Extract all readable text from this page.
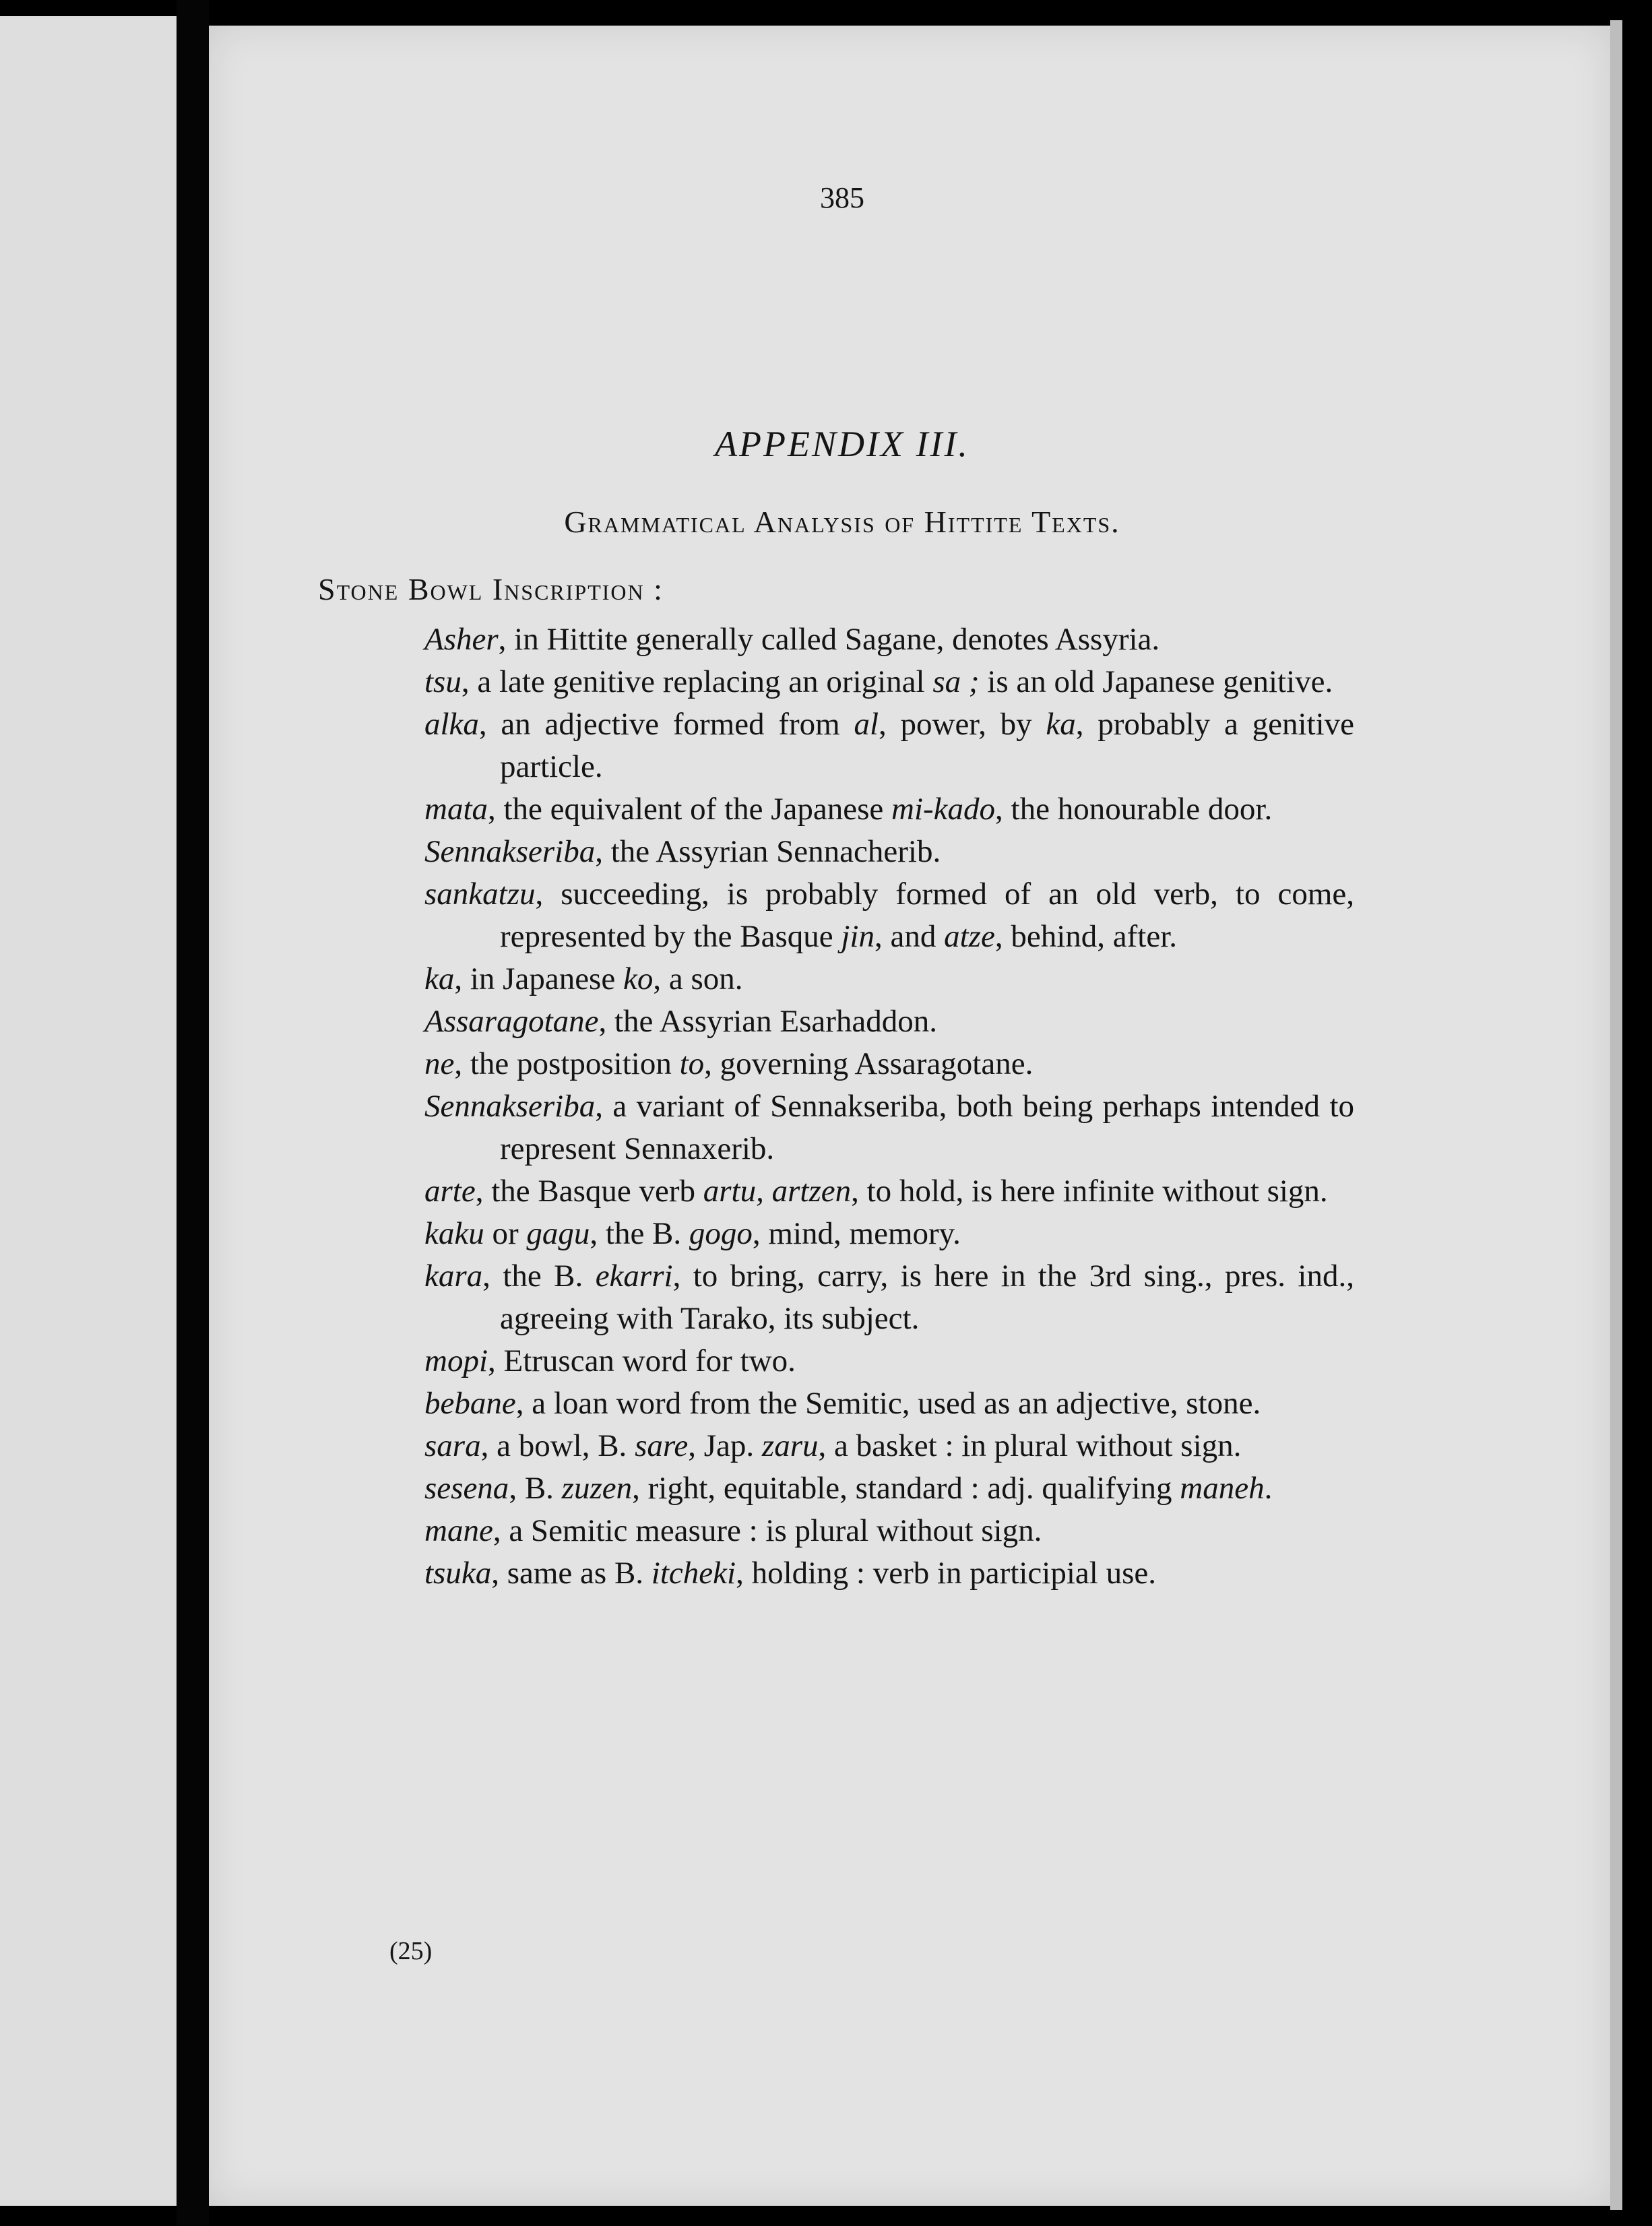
385
APPENDIX III.
Grammatical Analysis of Hittite Texts.
Stone Bowl Inscription :

Asher, in Hittite generally called Sagane, denotes Assyria.

tsu, a late genitive replacing an original sa ; is an old Japanese genitive.

alka, an adjective formed from al, power, by ka, probably a genitive particle.

mata, the equivalent of the Japanese mi-kado, the honourable door.

Sennakseriba, the Assyrian Sennacherib.

sankatzu, succeeding, is probably formed of an old verb, to come, represented by the Basque jin, and atze, behind, after.

ka, in Japanese ko, a son.

Assaragotane, the Assyrian Esarhaddon.

ne, the postposition to, governing Assaragotane.

Sennakseriba, a variant of Sennakseriba, both being perhaps intended to represent Sennaxerib.

arte, the Basque verb artu, artzen, to hold, is here infinite without sign.

kaku or gagu, the B. gogo, mind, memory.

kara, the B. ekarri, to bring, carry, is here in the 3rd sing., pres. ind., agreeing with Tarako, its subject.

mopi, Etruscan word for two.

bebane, a loan word from the Semitic, used as an adjective, stone.

sara, a bowl, B. sare, Jap. zaru, a basket : in plural without sign.

sesena, B. zuzen, right, equitable, standard : adj. qualifying maneh.

mane, a Semitic measure : is plural without sign.

tsuka, same as B. itcheki, holding : verb in participial use.

(25)
